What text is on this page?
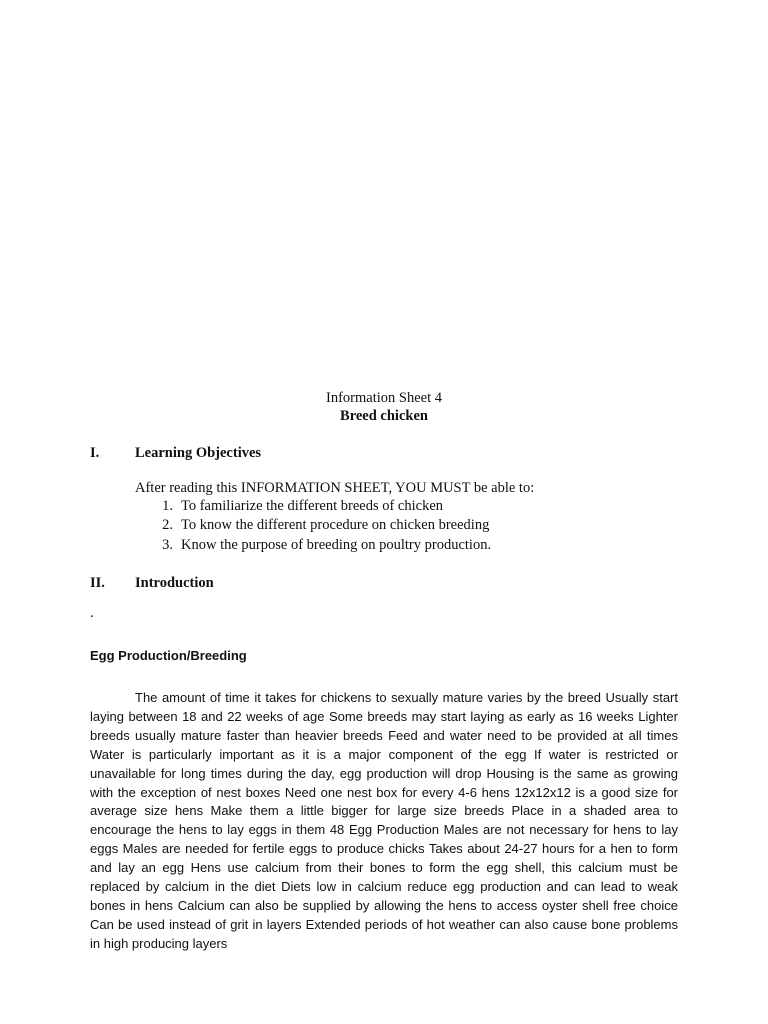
Information Sheet 4
Breed chicken
I. Learning Objectives
After reading this INFORMATION SHEET, YOU MUST be able to:
1. To familiarize the different breeds of chicken
2. To know the different procedure on chicken breeding
3. Know the purpose of breeding on poultry production.
II. Introduction
.
Egg Production/Breeding

The amount of time it takes for chickens to sexually mature varies by the breed Usually start laying between 18 and 22 weeks of age Some breeds may start laying as early as 16 weeks Lighter breeds usually mature faster than heavier breeds Feed and water need to be provided at all times Water is particularly important as it is a major component of the egg If water is restricted or unavailable for long times during the day, egg production will drop Housing is the same as growing with the exception of nest boxes Need one nest box for every 4-6 hens 12x12x12 is a good size for average size hens Make them a little bigger for large size breeds Place in a shaded area to encourage the hens to lay eggs in them 48 Egg Production Males are not necessary for hens to lay eggs Males are needed for fertile eggs to produce chicks Takes about 24-27 hours for a hen to form and lay an egg Hens use calcium from their bones to form the egg shell, this calcium must be replaced by calcium in the diet Diets low in calcium reduce egg production and can lead to weak bones in hens Calcium can also be supplied by allowing the hens to access oyster shell free choice Can be used instead of grit in layers Extended periods of hot weather can also cause bone problems in high producing layers
